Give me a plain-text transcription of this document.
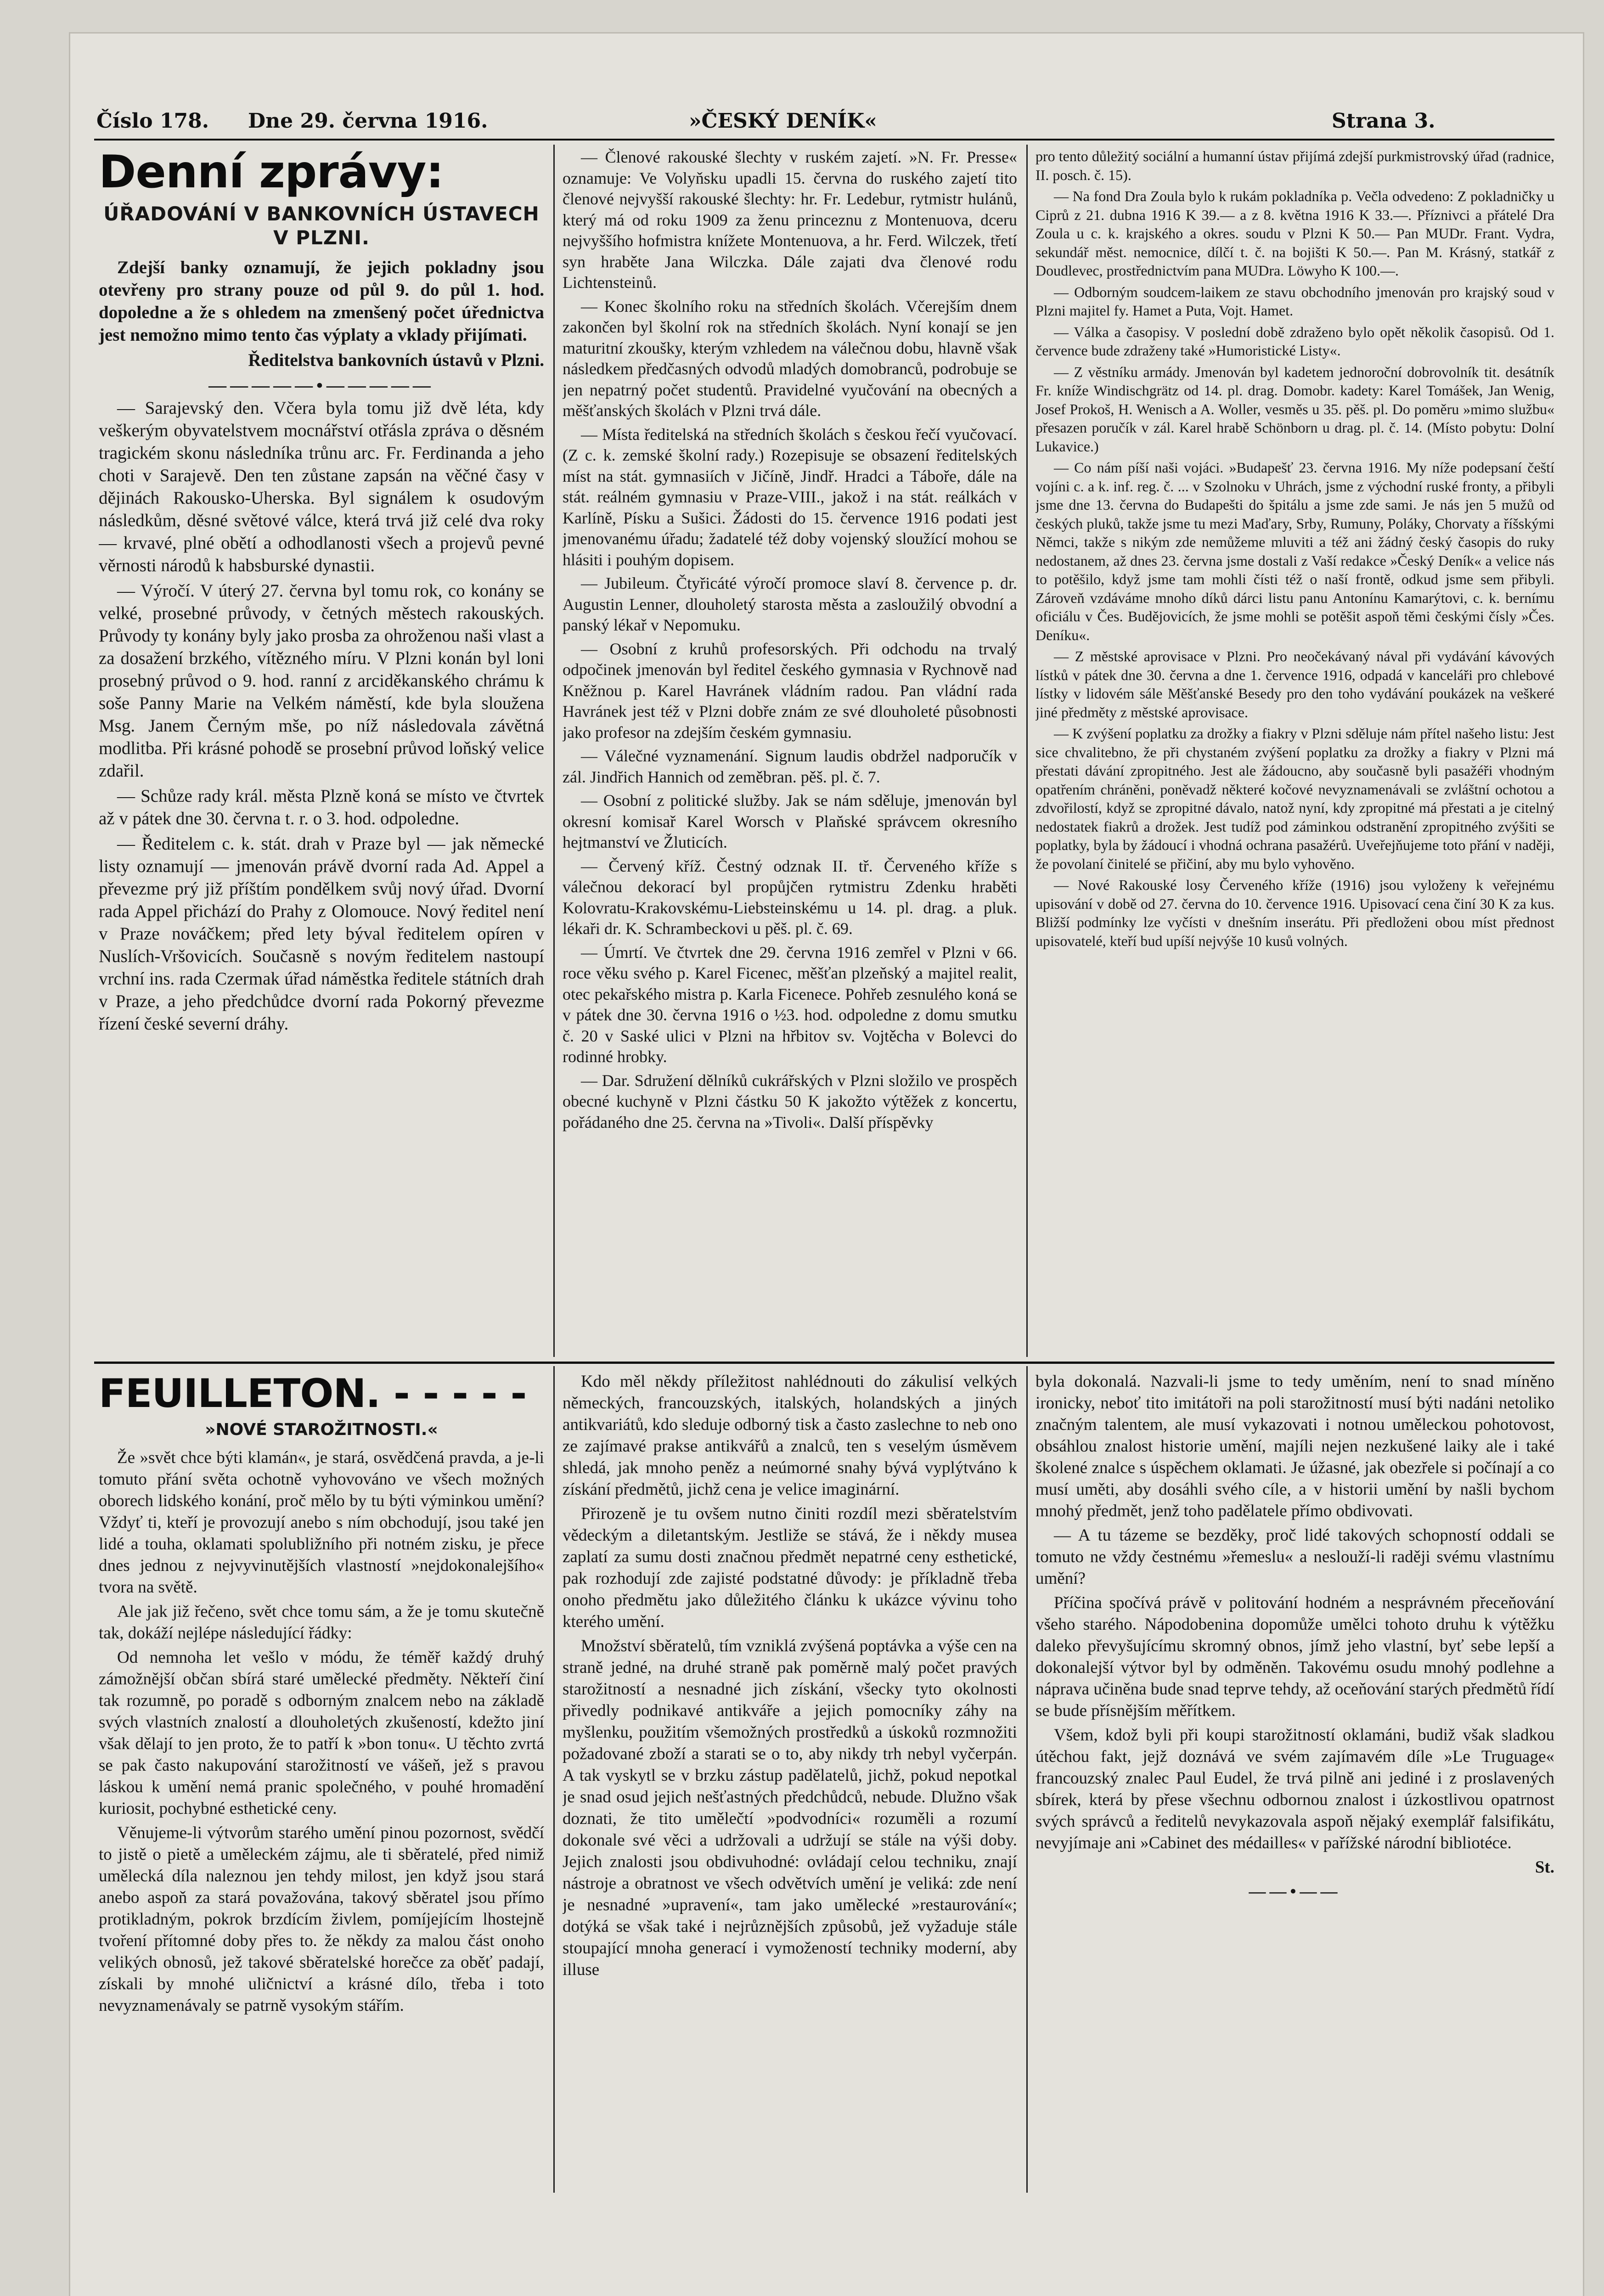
Číslo 178. Dne 29. června 1916.	»ČESKÝ DENÍK«	Strana 3.
Denní zprávy:
ÚŘADOVÁNÍ V BANKOVNÍCH ÚSTAVECH V PLZNI.

Zdejší banky oznamují, že jejich pokladny jsou otevřeny pro strany pouze od půl 9. do půl 1. hod. dopoledne a že s ohledem na zmenšený počet úřednictva jest nemožno mimo tento čas výplaty a vklady přijímati.

Ředitelstva bankovních ústavů v Plzni.

—————•—————

— Sarajevský den. Včera byla tomu již dvě léta, kdy veškerým obyvatelstvem mocnářství otřásla zpráva o děsném tragickém skonu následníka trůnu arc. Fr. Ferdinanda a jeho choti v Sarajevě. Den ten zůstane zapsán na věčné časy v dějinách Rakousko-Uherska. Byl signálem k osudovým následkům, děsné světové válce, která trvá již celé dva roky — krvavé, plné obětí a odhodlanosti všech a projevů pevné věrnosti národů k habsburské dynastii.

— Výročí. V úterý 27. června byl tomu rok, co konány se velké, prosebné průvody, v četných městech rakouských. Průvody ty konány byly jako prosba za ohroženou naši vlast a za dosažení brzkého, vítězného míru. V Plzni konán byl loni prosebný průvod o 9. hod. ranní z arciděkanského chrámu k soše Panny Marie na Velkém náměstí, kde byla sloužena Msg. Janem Černým mše, po níž následovala závětná modlitba. Při krásné pohodě se prosební průvod loňský velice zdařil.

— Schůze rady král. města Plzně koná se místo ve čtvrtek až v pátek dne 30. června t. r. o 3. hod. odpoledne.

— Ředitelem c. k. stát. drah v Praze byl — jak německé listy oznamují — jmenován právě dvorní rada Ad. Appel a převezme prý již příštím pondělkem svůj nový úřad. Dvorní rada Appel přichází do Prahy z Olomouce. Nový ředitel není v Praze nováčkem; před lety býval ředitelem opíren v Nuslích-Vršovicích. Současně s novým ředitelem nastoupí vrchní ins. rada Czermak úřad náměstka ředitele státních drah v Praze, a jeho předchůdce dvorní rada Pokorný převezme řízení české severní dráhy.

— Členové rakouské šlechty v ruském zajetí. »N. Fr. Presse« oznamuje: Ve Volyňsku upadli 15. června do ruského zajetí tito členové nejvyšší rakouské šlechty: hr. Fr. Ledebur, rytmistr hulánů, který má od roku 1909 za ženu princeznu z Montenuova, dceru nejvyššího hofmistra knížete Montenuova, a hr. Ferd. Wilczek, třetí syn hraběte Jana Wilczka. Dále zajati dva členové rodu Lichtensteinů.

— Konec školního roku na středních školách. Včerejším dnem zakončen byl školní rok na středních školách. Nyní konají se jen maturitní zkoušky, kterým vzhledem na válečnou dobu, hlavně však následkem předčasných odvodů mladých domobranců, podrobuje se jen nepatrný počet studentů. Pravidelné vyučování na obecných a měšťanských školách v Plzni trvá dále.

— Místa ředitelská na středních školách s českou řečí vyučovací. (Z c. k. zemské školní rady.) Rozepisuje se obsazení ředitelských míst na stát. gymnasiích v Jičíně, Jindř. Hradci a Táboře, dále na stát. reálném gymnasiu v Praze-VIII., jakož i na stát. reálkách v Karlíně, Písku a Sušici. Žádosti do 15. července 1916 podati jest jmenovanému úřadu; žadatelé též doby vojenský sloužící mohou se hlásiti i pouhým dopisem.

— Jubileum. Čtyřicáté výročí promoce slaví 8. července p. dr. Augustin Lenner, dlouholetý starosta města a zasloužilý obvodní a panský lékař v Nepomuku.

— Osobní z kruhů profesorských. Při odchodu na trvalý odpočinek jmenován byl ředitel českého gymnasia v Rychnově nad Kněžnou p. Karel Havránek vládním radou. Pan vládní rada Havránek jest též v Plzni dobře znám ze své dlouholeté působnosti jako profesor na zdejším českém gymnasiu.

— Válečné vyznamenání. Signum laudis obdržel nadporučík v zál. Jindřich Hannich od zeměbran. pěš. pl. č. 7.

— Osobní z politické služby. Jak se nám sděluje, jmenován byl okresní komisař Karel Worsch v Plaňské správcem okresního hejtmanství ve Žluticích.

— Červený kříž. Čestný odznak II. tř. Červeného kříže s válečnou dekorací byl propůjčen rytmistru Zdenku hraběti Kolovratu-Krakovskému-Liebsteinskému u 14. pl. drag. a pluk. lékaři dr. K. Schrambeckovi u pěš. pl. č. 69.

— Úmrtí. Ve čtvrtek dne 29. června 1916 zemřel v Plzni v 66. roce věku svého p. Karel Ficenec, měšťan plzeňský a majitel realit, otec pekařského mistra p. Karla Ficenece. Pohřeb zesnulého koná se v pátek dne 30. června 1916 o ½3. hod. odpoledne z domu smutku č. 20 v Saské ulici v Plzni na hřbitov sv. Vojtěcha v Bolevci do rodinné hrobky.

— Dar. Sdružení dělníků cukrářských v Plzni složilo ve prospěch obecné kuchyně v Plzni částku 50 K jakožto výtěžek z koncertu, pořádaného dne 25. června na »Tivoli«. Další příspěvky

pro tento důležitý sociální a humanní ústav přijímá zdejší purkmistrovský úřad (radnice, II. posch. č. 15).

— Na fond Dra Zoula bylo k rukám pokladníka p. Večla odvedeno: Z pokladničky u Ciprů z 21. dubna 1916 K 39.— a z 8. května 1916 K 33.—. Příznivci a přátelé Dra Zoula u c. k. krajského a okres. soudu v Plzni K 50.— Pan MUDr. Frant. Vydra, sekundář měst. nemocnice, dílčí t. č. na bojišti K 50.—. Pan M. Krásný, statkář z Doudlevec, prostřednictvím pana MUDra. Löwyho K 100.—.

— Odborným soudcem-laikem ze stavu obchodního jmenován pro krajský soud v Plzni majitel fy. Hamet a Puta, Vojt. Hamet.

— Válka a časopisy. V poslední době zdraženo bylo opět několik časopisů. Od 1. července bude zdraženy také »Humoristické Listy«.

— Z věstníku armády. Jmenován byl kadetem jednoroční dobrovolník tit. desátník Fr. kníže Windischgrätz od 14. pl. drag. Domobr. kadety: Karel Tomášek, Jan Wenig, Josef Prokoš, H. Wenisch a A. Woller, vesměs u 35. pěš. pl. Do poměru »mimo službu« přesazen poručík v zál. Karel hrabě Schönborn u drag. pl. č. 14. (Místo pobytu: Dolní Lukavice.)

— Co nám píší naši vojáci. »Budapešť 23. června 1916. My níže podepsaní čeští vojíni c. a k. inf. reg. č. ... v Szolnoku v Uhrách, jsme z východní ruské fronty, a přibyli jsme dne 13. června do Budapešti do špitálu a jsme zde sami. Je nás jen 5 mužů od českých pluků, takže jsme tu mezi Maďary, Srby, Rumuny, Poláky, Chorvaty a říšskými Němci, takže s nikým zde nemůžeme mluviti a též ani žádný český časopis do ruky nedostanem, až dnes 23. června jsme dostali z Vaší redakce »Český Deník« a velice nás to potěšilo, když jsme tam mohli čísti též o naší frontě, odkud jsme sem přibyli. Zároveň vzdáváme mnoho díků dárci listu panu Antonínu Kamarýtovi, c. k. bernímu oficiálu v Čes. Budějovicích, že jsme mohli se potěšit aspoň těmi českými čísly »Čes. Deníku«.

— Z městské aprovisace v Plzni. Pro neočekávaný nával při vydávání kávových lístků v pátek dne 30. června a dne 1. července 1916, odpadá v kanceláři pro chlebové lístky v lidovém sále Měšťanské Besedy pro den toho vydávání poukázek na veškeré jiné předměty z městské aprovisace.

— K zvýšení poplatku za drožky a fiakry v Plzni sděluje nám přítel našeho listu: Jest sice chvalitebno, že při chystaném zvýšení poplatku za drožky a fiakry v Plzni má přestati dávání zpropitného. Jest ale žádoucno, aby současně byli pasažéři vhodným opatřením chráněni, poněvadž některé kočové nevyznamenávali se zvláštní ochotou a zdvořilostí, když se zpropitné dávalo, natož nyní, kdy zpropitné má přestati a je citelný nedostatek fiakrů a drožek. Jest tudíž pod záminkou odstranění zpropitného zvýšiti se poplatky, byla by žádoucí i vhodná ochrana pasažérů. Uveřejňujeme toto přání v naději, že povolaní činitelé se přičiní, aby mu bylo vyhověno.

— Nové Rakouské losy Červeného kříže (1916) jsou vyloženy k veřejnému upisování v době od 27. června do 10. července 1916. Upisovací cena činí 30 K za kus. Bližší podmínky lze vyčísti v dnešním inserátu. Při předloženi obou míst přednost upisovatelé, kteří bud upíší nejvýše 10 kusů volných.

FEUILLETON. - - - - -
»NOVÉ STAROŽITNOSTI.«

Že »svět chce býti klamán«, je stará, osvědčená pravda, a je-li tomuto přání světa ochotně vyhovováno ve všech možných oborech lidského konání, proč mělo by tu býti výminkou umění? Vždyť ti, kteří je provozují anebo s ním obchodují, jsou také jen lidé a touha, oklamati spolubližního při notném zisku, je přece dnes jednou z nejvyvinutějších vlastností »nejdokonalejšího« tvora na světě.

Ale jak již řečeno, svět chce tomu sám, a že je tomu skutečně tak, dokáží nejlépe následující řádky:

Od nemnoha let vešlo v módu, že téměř každý druhý zámožnější občan sbírá staré umělecké předměty. Někteří činí tak rozumně, po poradě s odborným znalcem nebo na základě svých vlastních znalostí a dlouholetých zkušeností, kdežto jiní však dělají to jen proto, že to patří k »bon tonu«. U těchto zvrtá se pak často nakupování starožitností ve vášeň, jež s pravou láskou k umění nemá pranic společného, v pouhé hromadění kuriosit, pochybné esthetické ceny.

Věnujeme-li výtvorům starého umění pinou pozornost, svědčí to jistě o pietě a uměleckém zájmu, ale ti sběratelé, před nimiž umělecká díla naleznou jen tehdy milost, jen když jsou stará anebo aspoň za stará považována, takový sběratel jsou přímo protikladným, pokrok brzdícím živlem, pomíjejícím lhostejně tvoření přítomné doby přes to. že někdy za malou část onoho velikých obnosů, jež takové sběratelské horečce za oběť padají, získali by mnohé uličnictví a krásné dílo, třeba i toto nevyznamenávaly se patrně vysokým stářím.

Kdo měl někdy příležitost nahlédnouti do zákulisí velkých německých, francouzských, italských, holandských a jiných antikvariátů, kdo sleduje odborný tisk a často zaslechne to neb ono ze zajímavé prakse antikvářů a znalců, ten s veselým úsměvem shledá, jak mnoho peněz a neúmorné snahy bývá vyplýtváno k získání předmětů, jichž cena je velice imaginární.

Přirozeně je tu ovšem nutno činiti rozdíl mezi sběratelstvím vědeckým a diletantským. Jestliže se stává, že i někdy musea zaplatí za sumu dosti značnou předmět nepatrné ceny esthetické, pak rozhodují zde zajisté podstatné důvody: je příkladně třeba onoho předmětu jako důležitého článku k ukázce vývinu toho kterého umění.

Množství sběratelů, tím vzniklá zvýšená poptávka a výše cen na straně jedné, na druhé straně pak poměrně malý počet pravých starožitností a nesnadné jich získání, všecky tyto okolnosti přivedly podnikavé antikváře a jejich pomocníky záhy na myšlenku, použitím všemožných prostředků a úskoků rozmnožiti požadované zboží a starati se o to, aby nikdy trh nebyl vyčerpán. A tak vyskytl se v brzku zástup padělatelů, jichž, pokud nepotkal je snad osud jejich nešťastných předchůdců, nebude. Dlužno však doznati, že tito umělečtí »podvodníci« rozuměli a rozumí dokonale své věci a udržovali a udržují se stále na výši doby. Jejich znalosti jsou obdivuhodné: ovládají celou techniku, znají nástroje a obratnost ve všech odvětvích umění je veliká: zde není je nesnadné »upravení«, tam jako umělecké »restaurování«; dotýká se však také i nejrůznějších způsobů, jež vyžaduje stále stoupající mnoha generací i vymožeností techniky moderní, aby illuse

byla dokonalá. Nazvali-li jsme to tedy uměním, není to snad míněno ironicky, neboť tito imitátoři na poli starožitností musí býti nadáni netoliko značným talentem, ale musí vykazovati i notnou uměleckou pohotovost, obsáhlou znalost historie umění, majíli nejen nezkušené laiky ale i také školené znalce s úspěchem oklamati. Je úžasné, jak obezřele si počínají a co musí uměti, aby dosáhli svého cíle, a v historii umění by našli bychom mnohý předmět, jenž toho padělatele přímo obdivovati.

— A tu tázeme se bezděky, proč lidé takových schopností oddali se tomuto ne vždy čestnému »řemeslu« a neslouží-li raději svému vlastnímu umění?

Příčina spočívá právě v politování hodném a nesprávném přeceňování všeho starého. Nápodobenina dopomůže umělci tohoto druhu k výtěžku daleko převyšujícímu skromný obnos, jímž jeho vlastní, byť sebe lepší a dokonalejší výtvor byl by odměněn. Takovému osudu mnohý podlehne a náprava učiněna bude snad teprve tehdy, až oceňování starých předmětů řídí se bude přísnějším měřítkem.

Všem, kdož byli při koupi starožitností oklamáni, budiž však sladkou útěchou fakt, jejž doznává ve svém zajímavém díle »Le Truguage« francouzský znalec Paul Eudel, že trvá pilně ani jediné i z proslavených sbírek, která by přese všechnu odbornou znalost i úzkostlivou opatrnost svých správců a ředitelů nevykazovala aspoň nějaký exemplář falsifikátu, nevyjímaje ani »Cabinet des médailles« v pařížské národní bibliotéce.

St.

——•——
